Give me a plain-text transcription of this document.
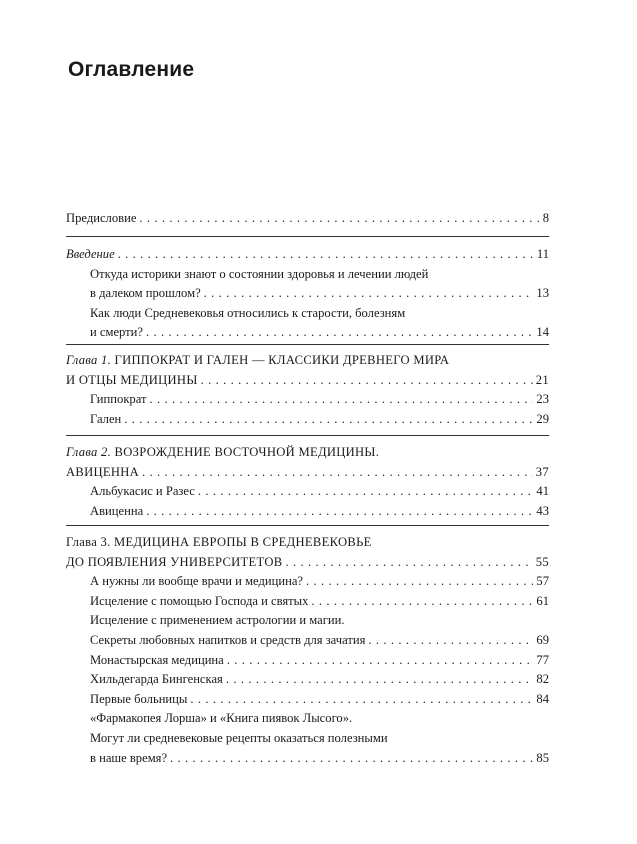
Оглавление
Предисловие . . .	8
Введение . . .	11
Откуда историки знают о состоянии здоровья и лечении людей
в далеком прошлом? . . .	13
Как люди Средневековья относились к старости, болезням
и смерти? . . .	14
Глава 1. ГИППОКРАТ И ГАЛЕН — КЛАССИКИ ДРЕВНЕГО МИРА
И ОТЦЫ МЕДИЦИНЫ . . .	21
Гиппократ . . .	23
Гален . . .	29
Глава 2. ВОЗРОЖДЕНИЕ ВОСТОЧНОЙ МЕДИЦИНЫ.
АВИЦЕННА . . .	37
Альбукасис и Разес . . .	41
Авиценна . . .	43
Глава 3. МЕДИЦИНА ЕВРОПЫ В СРЕДНЕВЕКОВЬЕ
ДО ПОЯВЛЕНИЯ УНИВЕРСИТЕТОВ . . .	55
А нужны ли вообще врачи и медицина? . . .	57
Исцеление с помощью Господа и святых . . .	61
Исцеление с применением астрологии и магии.
Секреты любовных напитков и средств для зачатия . . .	69
Монастырская медицина . . .	77
Хильдегарда Бингенская . . .	82
Первые больницы . . .	84
«Фармакопея Лорша» и «Книга пиявок Лысого».
Могут ли средневековые рецепты оказаться полезными
в наше время? . . .	85
